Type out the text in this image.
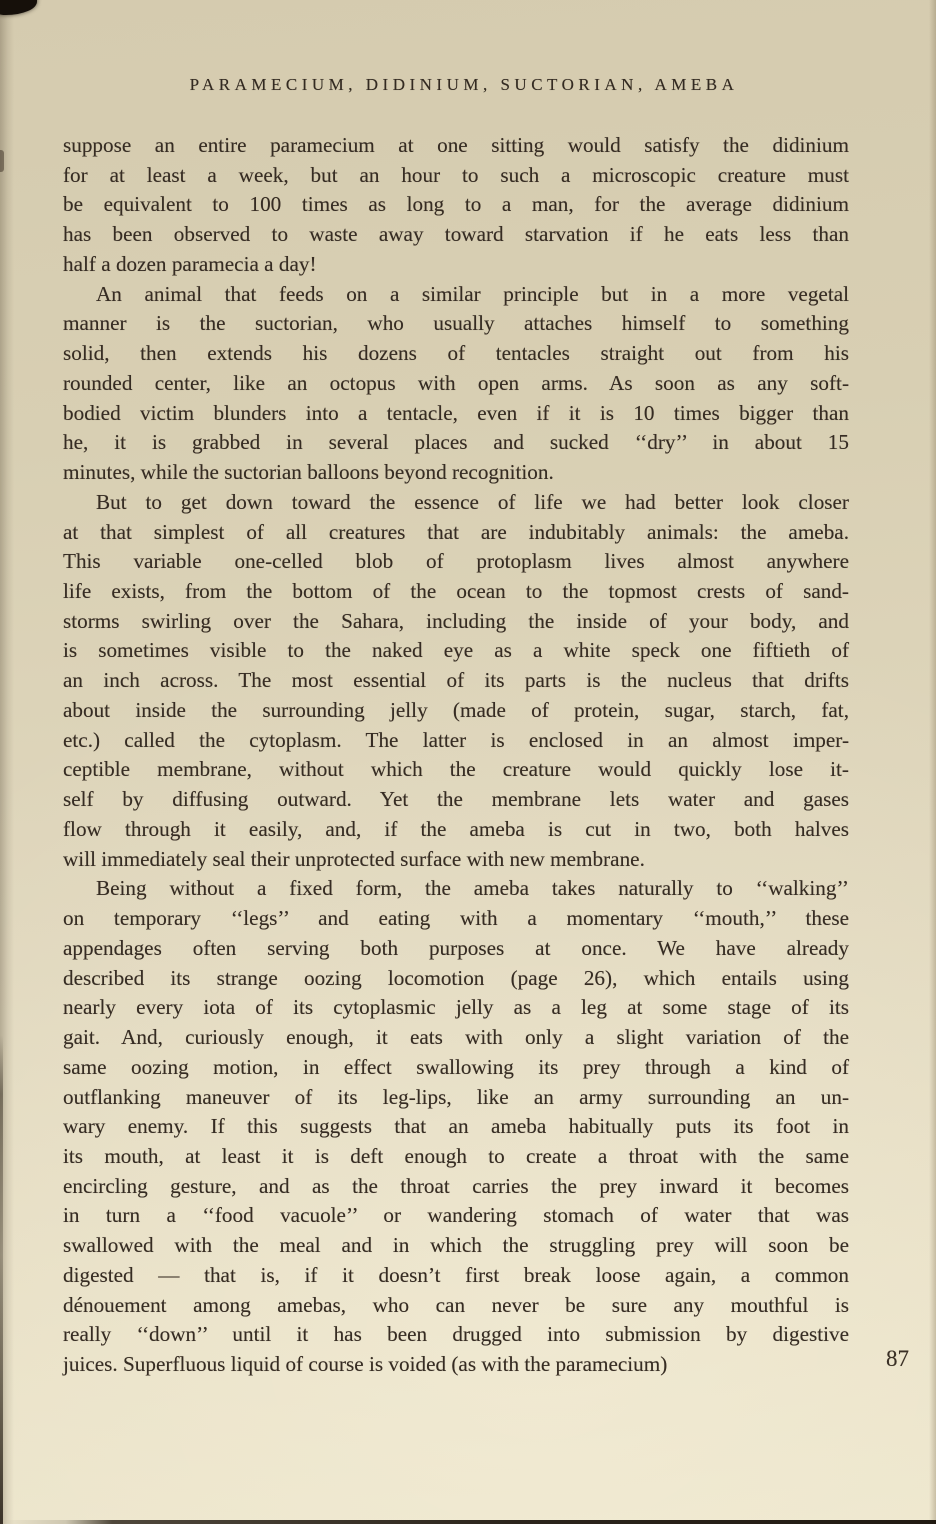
PARAMECIUM, DIDINIUM, SUCTORIAN, AMEBA
suppose an entire paramecium at one sitting would satisfy the didinium
for at least a week, but an hour to such a microscopic creature must
be equivalent to 100 times as long to a man, for the average didinium
has been observed to waste away toward starvation if he eats less than
half a dozen paramecia a day!
An animal that feeds on a similar principle but in a more vegetal
manner is the suctorian, who usually attaches himself to something
solid, then extends his dozens of tentacles straight out from his
rounded center, like an octopus with open arms. As soon as any soft-
bodied victim blunders into a tentacle, even if it is 10 times bigger than
he, it is grabbed in several places and sucked ‘‘dry’’ in about 15
minutes, while the suctorian balloons beyond recognition.
But to get down toward the essence of life we had better look closer
at that simplest of all creatures that are indubitably animals: the ameba.
This variable one-celled blob of protoplasm lives almost anywhere
life exists, from the bottom of the ocean to the topmost crests of sand-
storms swirling over the Sahara, including the inside of your body, and
is sometimes visible to the naked eye as a white speck one fiftieth of
an inch across. The most essential of its parts is the nucleus that drifts
about inside the surrounding jelly (made of protein, sugar, starch, fat,
etc.) called the cytoplasm. The latter is enclosed in an almost imper-
ceptible membrane, without which the creature would quickly lose it-
self by diffusing outward. Yet the membrane lets water and gases
flow through it easily, and, if the ameba is cut in two, both halves
will immediately seal their unprotected surface with new membrane.
Being without a fixed form, the ameba takes naturally to ‘‘walking’’
on temporary ‘‘legs’’ and eating with a momentary ‘‘mouth,’’ these
appendages often serving both purposes at once. We have already
described its strange oozing locomotion (page 26), which entails using
nearly every iota of its cytoplasmic jelly as a leg at some stage of its
gait. And, curiously enough, it eats with only a slight variation of the
same oozing motion, in effect swallowing its prey through a kind of
outflanking maneuver of its leg-lips, like an army surrounding an un-
wary enemy. If this suggests that an ameba habitually puts its foot in
its mouth, at least it is deft enough to create a throat with the same
encircling gesture, and as the throat carries the prey inward it becomes
in turn a ‘‘food vacuole’’ or wandering stomach of water that was
swallowed with the meal and in which the struggling prey will soon be
digested — that is, if it doesn’t first break loose again, a common
dénouement among amebas, who can never be sure any mouthful is
really ‘‘down’’ until it has been drugged into submission by digestive
juices. Superfluous liquid of course is voided (as with the paramecium)	87
